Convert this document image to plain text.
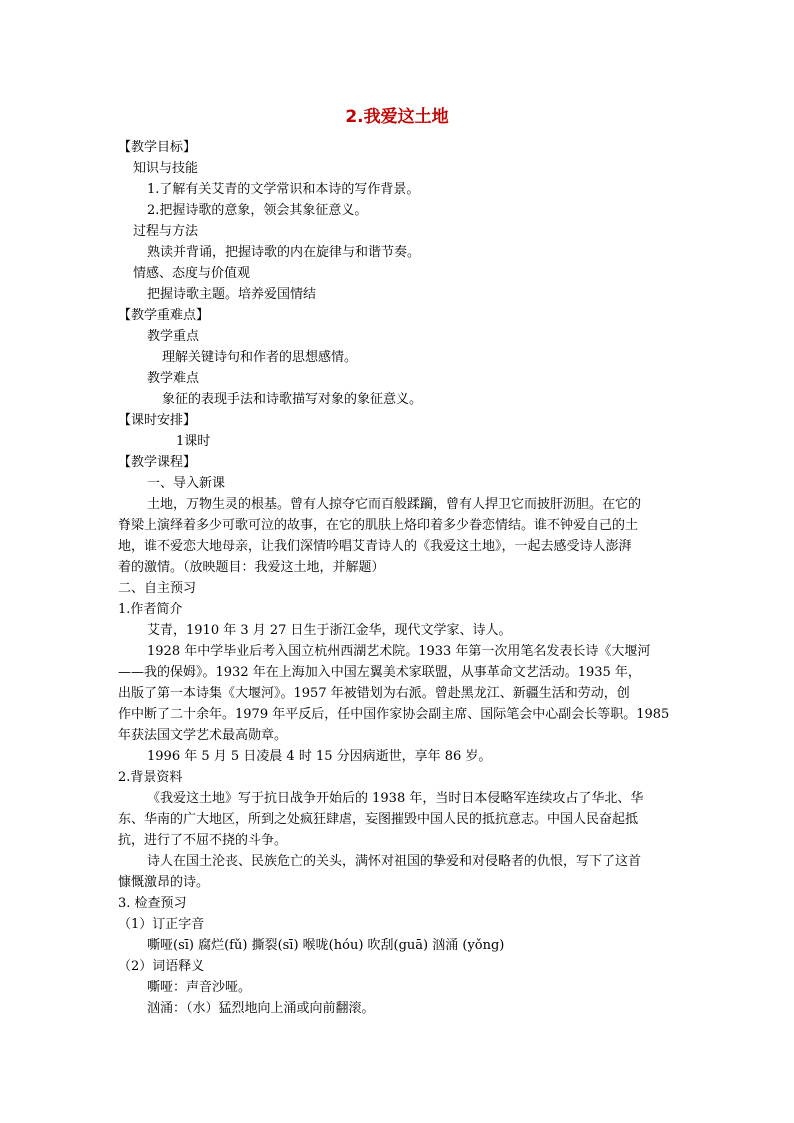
2.我爱这土地
【教学目标】
知识与技能
1.了解有关艾青的文学常识和本诗的写作背景。
2.把握诗歌的意象，领会其象征意义。
过程与方法
熟读并背诵，把握诗歌的内在旋律与和谐节奏。
情感、态度与价值观
把握诗歌主题。培养爱国情结
【教学重难点】
教学重点
理解关键诗句和作者的思想感情。
教学难点
象征的表现手法和诗歌描写对象的象征意义。
【课时安排】
1课时
【教学课程】
一、导入新课
土地，万物生灵的根基。曾有人掠夺它而百般蹂躏，曾有人捍卫它而披肝沥胆。在它的
脊梁上演绎着多少可歌可泣的故事，在它的肌肤上烙印着多少眷恋情结。谁不钟爱自己的土
地，谁不爱恋大地母亲，让我们深情吟唱艾青诗人的《我爱这土地》，一起去感受诗人澎湃
着的激情。（放映题目：我爱这土地，并解题）
二、自主预习
1.作者简介
艾青，1910 年 3 月 27 日生于浙江金华，现代文学家、诗人。
1928 年中学毕业后考入国立杭州西湖艺术院。1933 年第一次用笔名发表长诗《大堰河
——我的保姆》。1932 年在上海加入中国左翼美术家联盟，从事革命文艺活动。1935 年，
出版了第一本诗集《大堰河》。1957 年被错划为右派。曾赴黑龙江、新疆生活和劳动，创
作中断了二十余年。1979 年平反后，任中国作家协会副主席、国际笔会中心副会长等职。1985
年获法国文学艺术最高勋章。
1996 年 5 月 5 日凌晨 4 时 15 分因病逝世，享年 86 岁。
2.背景资料
《我爱这土地》写于抗日战争开始后的 1938 年，当时日本侵略军连续攻占了华北、华
东、华南的广大地区，所到之处疯狂肆虐，妄图摧毁中国人民的抵抗意志。中国人民奋起抵
抗，进行了不屈不挠的斗争。
诗人在国土沦丧、民族危亡的关头，满怀对祖国的挚爱和对侵略者的仇恨，写下了这首
慷慨激昂的诗。
3. 检查预习
（1）订正字音
嘶哑(sī) 腐烂(fǔ) 撕裂(sī) 喉咙(hóu) 吹刮(guā) 汹涌 (yǒng)
（2）词语释义
嘶哑：声音沙哑。
汹涌：（水）猛烈地向上涌或向前翻滚。
